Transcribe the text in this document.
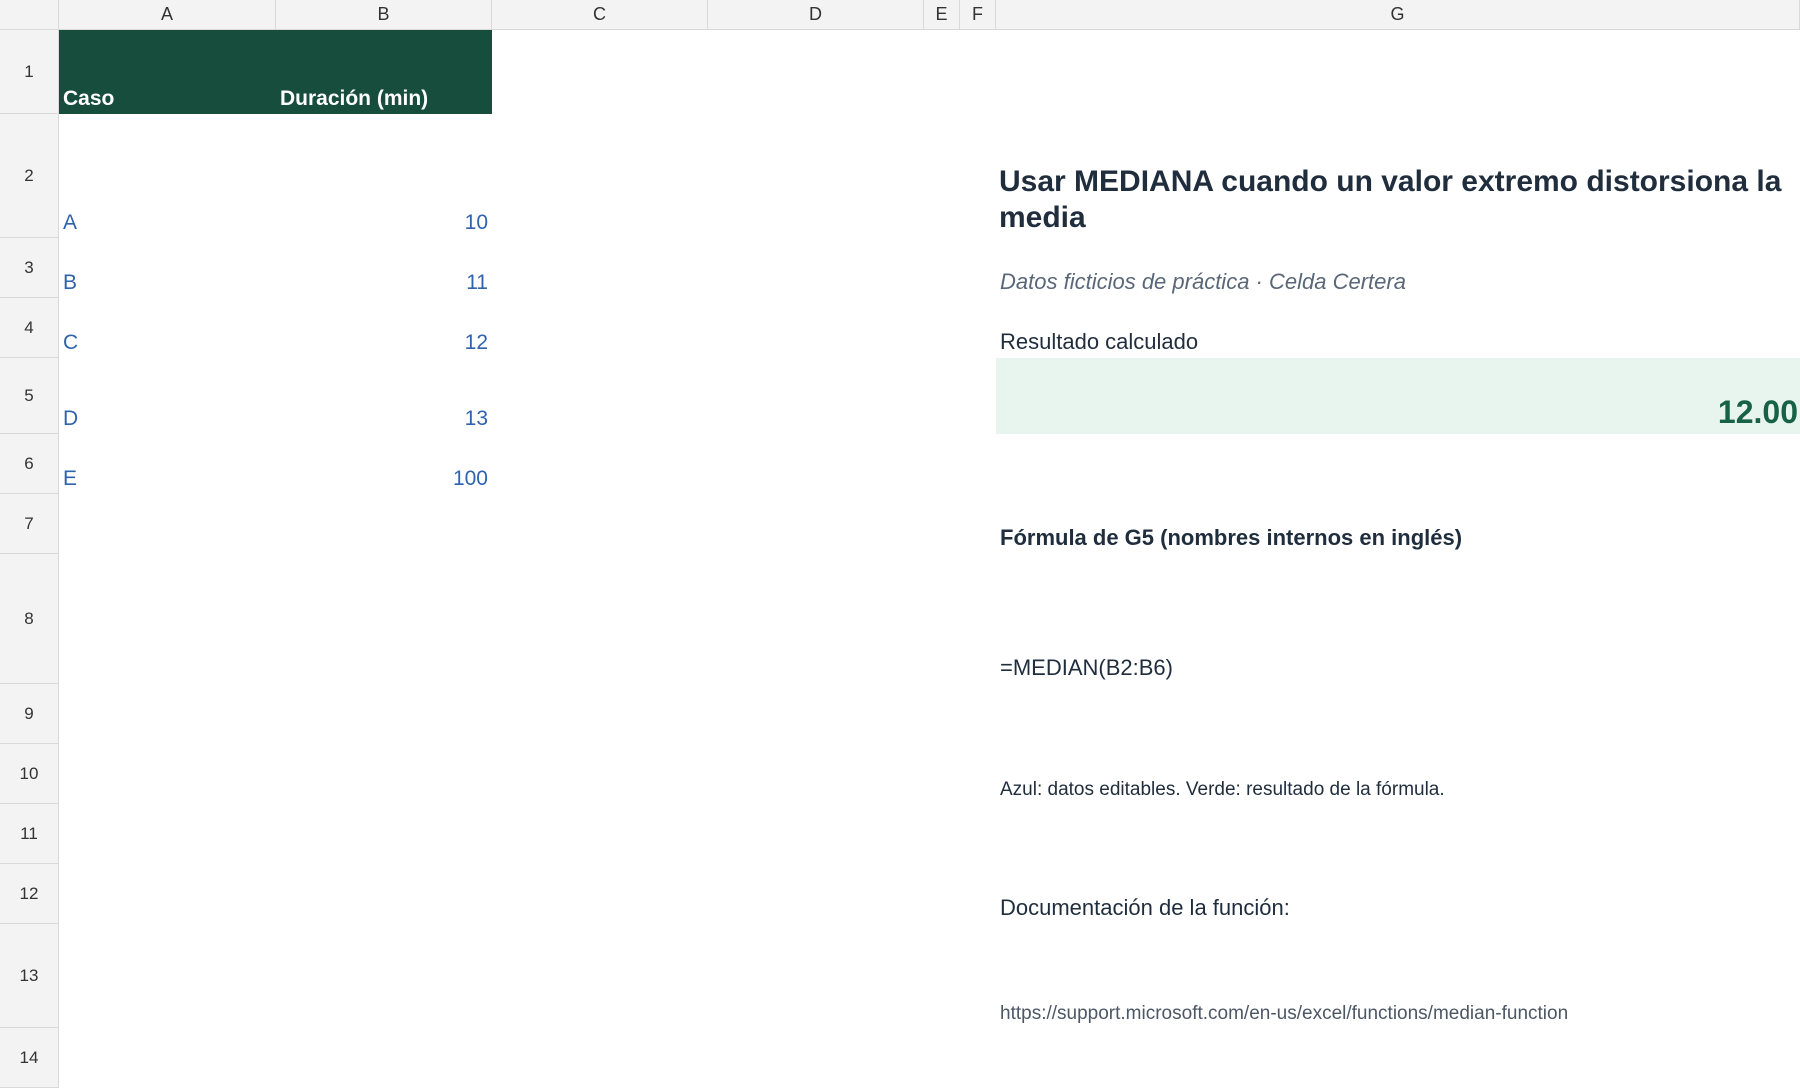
A	B	C	D	E	F	G
1
2
3
4
5
6
7
8
9
10
11
12
13
14
Caso	Duración (min)
A	10
B	11
C	12
D	13
E	100
Usar MEDIANA cuando un valor extremo distorsiona la media
Datos ficticios de práctica · Celda Certera
Resultado calculado
12.00
Fórmula de G5 (nombres internos en inglés)
=MEDIAN(B2:B6)
Azul: datos editables. Verde: resultado de la fórmula.
Documentación de la función:
https://support.microsoft.com/en-us/excel/functions/median-function
